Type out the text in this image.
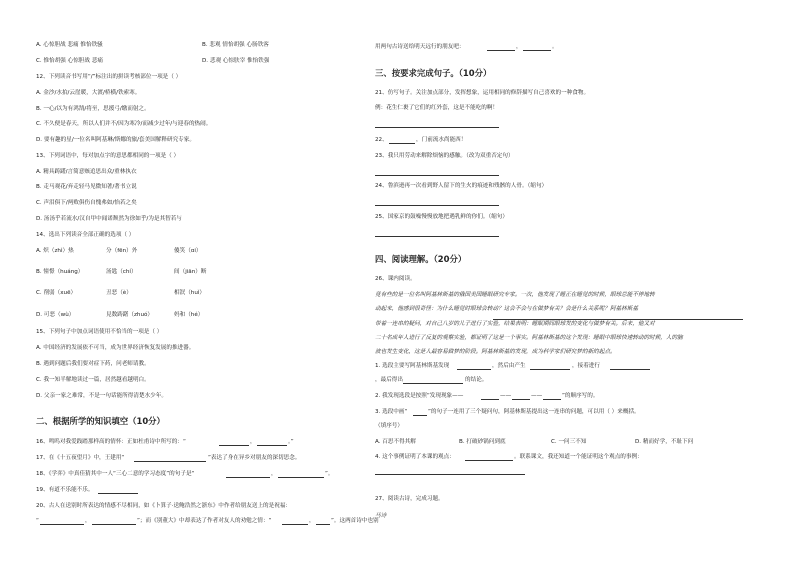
A. 心惊胆战 悲痛 惟怡铁骚	B. 悲观 情怡胡强 心肠铁客
C. 惟怡胡强 心惊胆战 悲痛	D. 悲观 心惊肤宰 惟怡铁强
12、下列读音书写用“/”标注出的拼读考核部位一项是（ ）
A. 金沙/水拍/云崖暖，大渡/桥横/铁索寒。
B. 一心/以为有鸿鹄/将至，思援弓/缴而射之。
C. 不久便是春天，所以人们并不/因为寒冷/而减少过年/与迎春的热闹。
D. 要有趣的星/一位名叫阿基琳/斯娜的旅/套美国解释研究专家。
13、下列词语中，每对加点字的意思都相同的一项是（ ）
A. 精具踌躇/言简意赅追思出众/重林执衣
B. 走马观花/弃走轻马见微知著/著书立说
C. 声泪俱下/两败俱伤自愧弗如/怡若之矣
D. 汤汤乎若流水/汉自甲中闻诺颓然为徐如乎/为是其智若与
14、选出下列读音全部正确的选项（ ）
A. 炽（zhì）热	分（fēn）外	傻笑（ɑi）
B. 憧憬（huáng）	汤匙（chí）	间（jiān）断
C. 削弱（xuē）	丑恶（è）	相泯（huì）
D. 可恶（wù）	見数踌躇（zhuó）	妈和（hé）
15、下列句子中加点词语使用不恰当的一项是（ ）
A. 中国经济的发展依不可当，成为世界经济恢复发展的推进器。
B. 遇到问题后我们要对症下药，问老师请教。
C. 我一知半解地读过一篇，居然越看越明白。
D. 父亲一家之难常，不是一句话能所得清楚水少年。
二、根据所学的知识填空（10分）
16、鸣呜对我爱践踏那样高的情怀：正如杜甫诗中所写的：“	，	。”
17、在《十五夜望月》中，王建用“	”表达了身在异乡对朋友的深切思念。
18、《学弈》中真佳猜其中一人“三心二意的学习态度”的句子是“	，	”。
19、有道不乐能不乐。
20、古人在送别时所表达的情感不尽相同，如《卜算子·送鲍浩然之浙东》中作者给朋友送上的是祝福：
“	，	”；而《别董大》中却表达了作者对友人的劝勉之情：“	，	”。这两首诗中也别
用两句古诗送给明天远行的朋友吧：	，	。
三、按要求完成句子。（10分）
21、仿写句子。关注加点部分，发挥想象，运用相同的修辞描写自己喜欢的一种食物。
例：花生仁裹了它们的红外套，这是不能吃的啊！
22、	，门前流水尚能西！
23、我只用劳动来解除烦恼的感触。（改为双重否定句）
24、鲁滨逊再一次看到野人留下的生火的痕迹和残骸的人骨。（缩句）
25、国家京的鼓噪慢慢放地把遇乳鲜的你们。（缩句）
四、阅读理解。（20分）
26、课内阅读。
竟有些的是一位名叫阿基林斯基的俄国美国睡眠研究专家。一次，他发现了睡正在睡觉的时候，眼球总能不停地转
动起来，他感到很奇怪：为什么睡觉时眼球会转动？这会不会与在做梦有关？会是什么关系呢？阿基林斯基
带着一连串的疑问，对自己八岁的儿子进行了实验，结果表明：睡眠期间眼球发的变化与做梦有关。后来，他又对
二十名成年人进行了反复的观察实验，都证明了这是一个事实。阿基林斯基的这个发现：睡眠中眼球快速转动的时候，人的脑
波也发生变化，这是人最容易做梦的阶段。阿基林斯基的发现，成为科学家们研究梦的新的起点。
1. 选段主要写阿基林斯基发现	，然后由产生	，接着进行
，最后得出	的结论。
2. 我发现选段是按照“发现现象——	——	——	”的顺序写的。
3. 选段中画“	”的句子一连用了三个疑问句，阿基林斯基提出这一连串的问题，可以用（ ）来概括。
（填序号）
A. 百思不得其解	B. 打破砂锅问到底	C. 一问三不知	D. 精而好学，不耻下问
4. 这个事例证明了本课的观点：	。联系课文，我还知道一个能证明这个观点的事例：
27、阅读古诗，完成习题。
马诗
